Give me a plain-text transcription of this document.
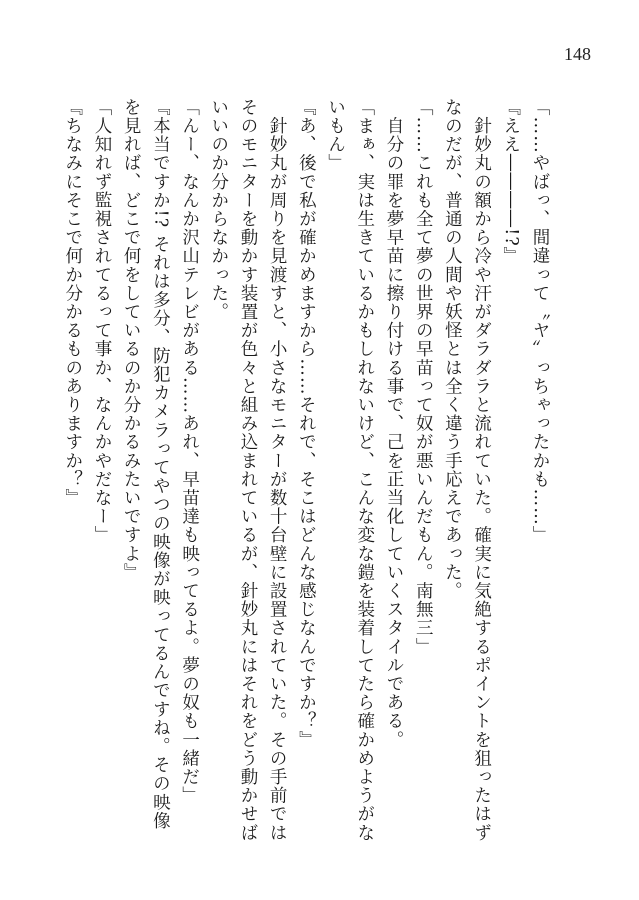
148
「……やばっ、間違って〝ヤ〟っちゃったかも……」
『ええ――――!?』
　針妙丸の額から冷や汗がダラダラと流れていた。確実に気絶するポイントを狙ったはず
なのだが、普通の人間や妖怪とは全く違う手応えであった。
「……これも全て夢の世界の早苗って奴が悪いんだもん。南無三」
　自分の罪を夢早苗に擦り付ける事で、己を正当化していくスタイルである。
「まぁ、実は生きているかもしれないけど、こんな変な鎧を装着してたら確かめようがな
いもん」
『あ、後で私が確かめますから……それで、そこはどんな感じなんですか？』
　針妙丸が周りを見渡すと、小さなモニターが数十台壁に設置されていた。その手前では
そのモニターを動かす装置が色々と組み込まれているが、針妙丸にはそれをどう動かせば
いいのか分からなかった。
「んー、なんか沢山テレビがある……あれ、早苗達も映ってるよ。夢の奴も一緒だ」
『本当ですか!? それは多分、防犯カメラってやつの映像が映ってるんですね。その映像
を見れば、どこで何をしているのか分かるみたいですよ』
「人知れず監視されてるって事か、なんかやだなー」
『ちなみにそこで何か分かるものありますか？』
